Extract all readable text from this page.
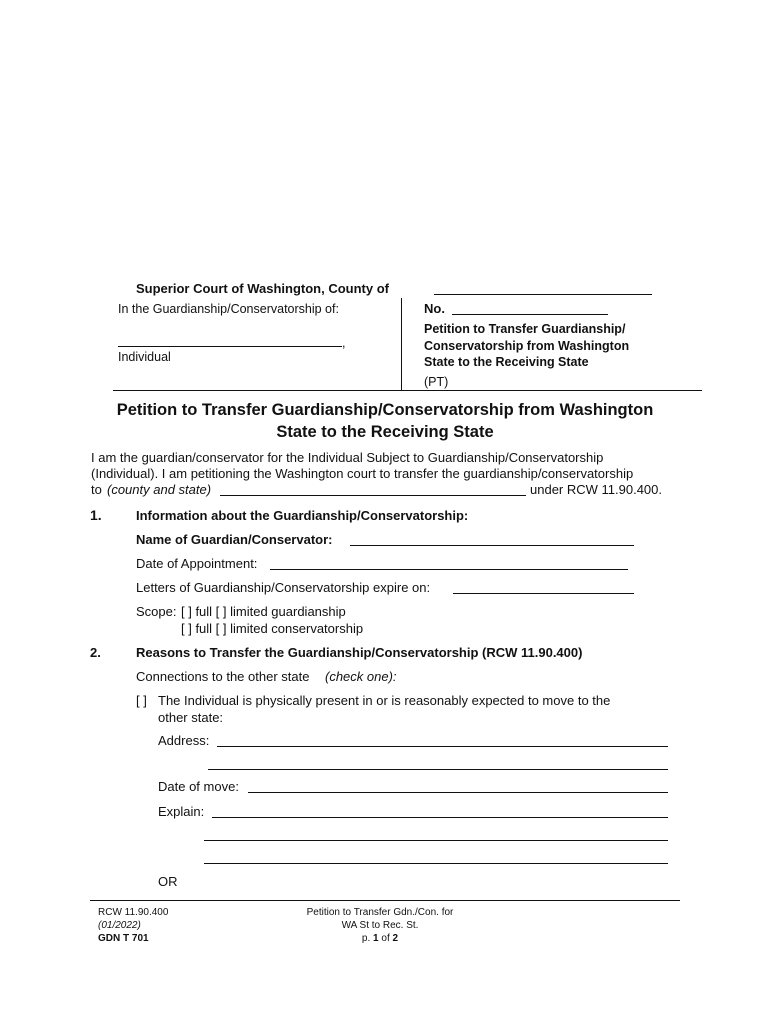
Superior Court of Washington, County of
In the Guardianship/Conservatorship of:
,
Individual
No.
Petition to Transfer Guardianship/
Conservatorship from Washington
State to the Receiving State
(PT)
Petition to Transfer Guardianship/Conservatorship from Washington
State to the Receiving State
I am the guardian/conservator for the Individual Subject to Guardianship/Conservatorship
(Individual). I am petitioning the Washington court to transfer the guardianship/conservatorship
to (county and state)	under RCW 11.90.400.
1.	Information about the Guardianship/Conservatorship:
Name of Guardian/Conservator:
Date of Appointment:
Letters of Guardianship/Conservatorship expire on:
Scope: [ ] full [ ] limited guardianship
[ ] full [ ] limited conservatorship
2.	Reasons to Transfer the Guardianship/Conservatorship (RCW 11.90.400)
Connections to the other state (check one):
[ ] The Individual is physically present in or is reasonably expected to move to the
other state:
Address:
Date of move:
Explain:
OR
RCW 11.90.400
(01/2022)
GDN T 701
Petition to Transfer Gdn./Con. for
WA St to Rec. St.
p. 1 of 2
